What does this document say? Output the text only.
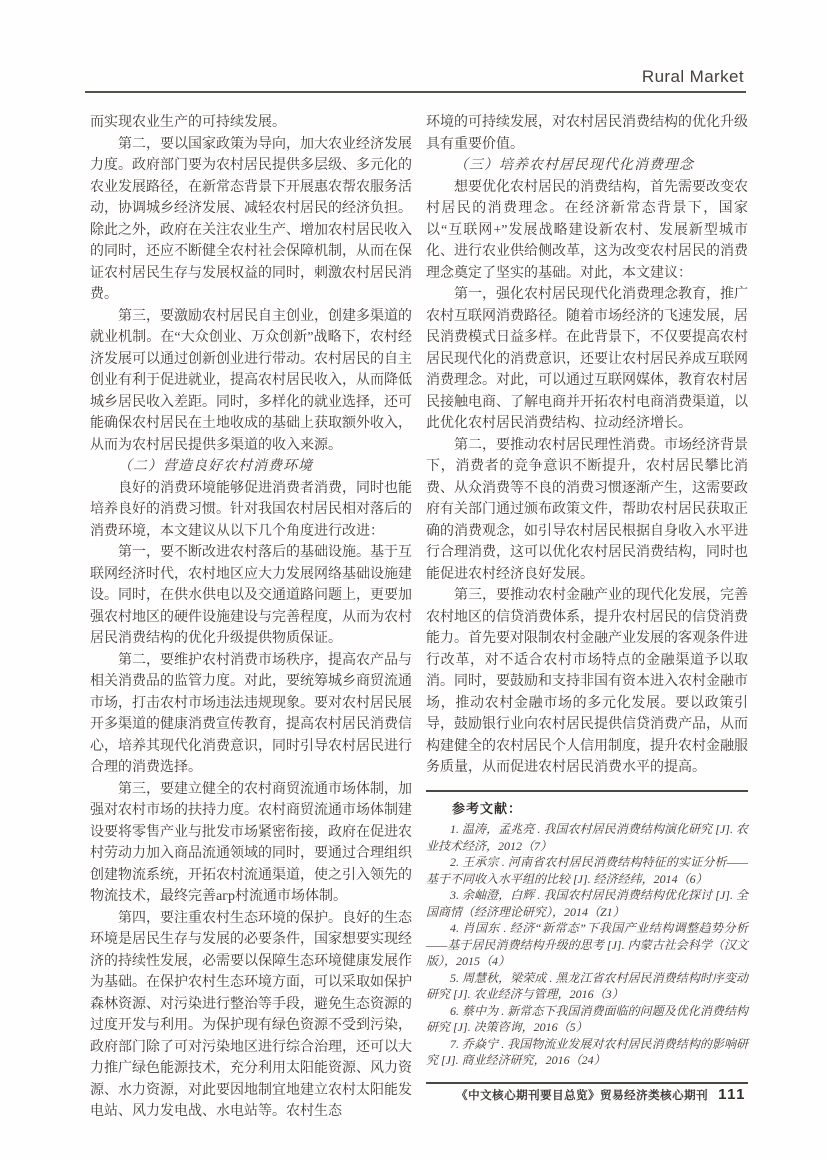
Rural Market

而实现农业生产的可持续发展。

第二，要以国家政策为导向，加大农业经济发展力度。政府部门要为农村居民提供多层级、多元化的农业发展路径，在新常态背景下开展惠农帮农服务活动，协调城乡经济发展、减轻农村居民的经济负担。除此之外，政府在关注农业生产、增加农村居民收入的同时，还应不断健全农村社会保障机制，从而在保证农村居民生存与发展权益的同时，刺激农村居民消费。

第三，要激励农村居民自主创业，创建多渠道的就业机制。在“大众创业、万众创新”战略下，农村经济发展可以通过创新创业进行带动。农村居民的自主创业有利于促进就业，提高农村居民收入，从而降低城乡居民收入差距。同时，多样化的就业选择，还可能确保农村居民在土地收成的基础上获取额外收入，从而为农村居民提供多渠道的收入来源。

（二）营造良好农村消费环境

良好的消费环境能够促进消费者消费，同时也能培养良好的消费习惯。针对我国农村居民相对落后的消费环境，本文建议从以下几个角度进行改进：

第一，要不断改进农村落后的基础设施。基于互联网经济时代，农村地区应大力发展网络基础设施建设。同时，在供水供电以及交通道路问题上，更要加强农村地区的硬件设施建设与完善程度，从而为农村居民消费结构的优化升级提供物质保证。

第二，要维护农村消费市场秩序，提高农产品与相关消费品的监管力度。对此，要统筹城乡商贸流通市场，打击农村市场违法违规现象。要对农村居民展开多渠道的健康消费宣传教育，提高农村居民消费信心，培养其现代化消费意识，同时引导农村居民进行合理的消费选择。

第三，要建立健全的农村商贸流通市场体制，加强对农村市场的扶持力度。农村商贸流通市场体制建设要将零售产业与批发市场紧密衔接，政府在促进农村劳动力加入商品流通领域的同时，要通过合理组织创建物流系统，开拓农村流通渠道，使之引入领先的物流技术，最终完善агр村流通市场体制。

第四，要注重农村生态环境的保护。良好的生态环境是居民生存与发展的必要条件，国家想要实现经济的持续性发展，必需要以保障生态环境健康发展作为基础。在保护农村生态环境方面，可以采取如保护森林资源、对污染进行整治等手段，避免生态资源的过度开发与利用。为保护现有绿色资源不受到污染，政府部门除了可对污染地区进行综合治理，还可以大力推广绿色能源技术，充分利用太阳能资源、风力资源、水力资源，对此要因地制宜地建立农村太阳能发电站、风力发电战、水电站等。农村生态

环境的可持续发展，对农村居民消费结构的优化升级具有重要价值。

（三）培养农村居民现代化消费理念

想要优化农村居民的消费结构，首先需要改变农村居民的消费理念。在经济新常态背景下，国家以“互联网+”发展战略建设新农村、发展新型城市化、进行农业供给侧改革，这为改变农村居民的消费理念奠定了坚实的基础。对此，本文建议：

第一，强化农村居民现代化消费理念教育，推广农村互联网消费路径。随着市场经济的飞速发展，居民消费模式日益多样。在此背景下，不仅要提高农村居民现代化的消费意识，还要让农村居民养成互联网消费理念。对此，可以通过互联网媒体，教育农村居民接触电商、了解电商并开拓农村电商消费渠道，以此优化农村居民消费结构、拉动经济增长。

第二，要推动农村居民理性消费。市场经济背景下，消费者的竞争意识不断提升，农村居民攀比消费、从众消费等不良的消费习惯逐渐产生，这需要政府有关部门通过颁布政策文件，帮助农村居民获取正确的消费观念，如引导农村居民根据自身收入水平进行合理消费，这可以优化农村居民消费结构，同时也能促进农村经济良好发展。

第三，要推动农村金融产业的现代化发展，完善农村地区的信贷消费体系，提升农村居民的信贷消费能力。首先要对限制农村金融产业发展的客观条件进行改革，对不适合农村市场特点的金融渠道予以取消。同时，要鼓励和支持非国有资本进入农村金融市场，推动农村金融市场的多元化发展。要以政策引导，鼓励银行业向农村居民提供信贷消费产品，从而构建健全的农村居民个人信用制度，提升农村金融服务质量，从而促进农村居民消费水平的提高。

参考文献：

1. 温涛，孟兆亮 . 我国农村居民消费结构演化研究 [J]. 农业技术经济，2012（7）

2. 王承宗 . 河南省农村居民消费结构特征的实证分析——基于不同收入水平组的比较 [J]. 经济经纬，2014（6）

3. 余岫澄，白辉 . 我国农村居民消费结构优化探讨 [J]. 全国商情（经济理论研究），2014（Z1）

4. 肖国东 . 经济“新常态”下我国产业结构调整趋势分析——基于居民消费结构升级的思考 [J]. 内蒙古社会科学（汉文版），2015（4）

5. 周慧秋，梁荣成 . 黑龙江省农村居民消费结构时序变动研究 [J]. 农业经济与管理，2016（3）

6. 蔡中为 . 新常态下我国消费面临的问题及优化消费结构研究 [J]. 决策咨询，2016（5）

7. 乔焱宁 . 我国物流业发展对农村居民消费结构的影响研究 [J]. 商业经济研究，2016（24）

《中文核心期刊要目总览》贸易经济类核心期刊 111
